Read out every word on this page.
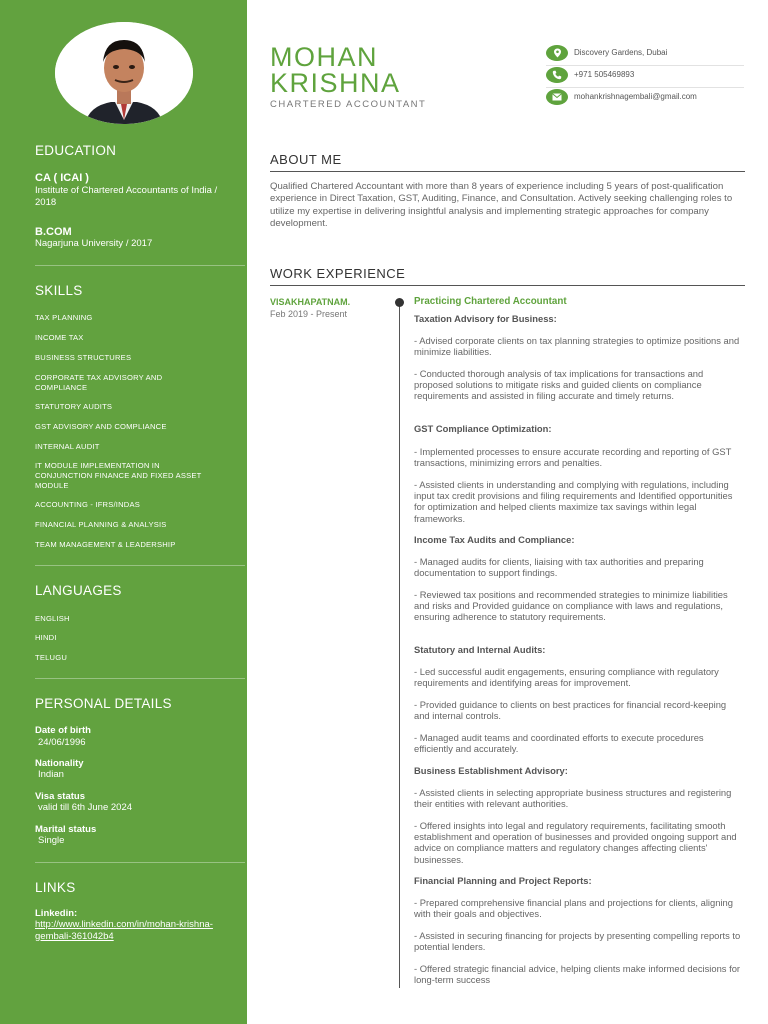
EDUCATION
CA ( ICAI )
Institute of Chartered Accountants of India / 2018
B.COM
Nagarjuna University / 2017
SKILLS
TAX PLANNING
INCOME TAX
BUSINESS STRUCTURES
CORPORATE TAX ADVISORY AND COMPLIANCE
STATUTORY AUDITS
GST ADVISORY AND COMPLIANCE
INTERNAL AUDIT
IT MODULE IMPLEMENTATION IN CONJUNCTION FINANCE AND FIXED ASSET MODULE
ACCOUNTING - IFRS/INDAS
FINANCIAL PLANNING & ANALYSIS
TEAM MANAGEMENT & LEADERSHIP
LANGUAGES
ENGLISH
HINDI
TELUGU
PERSONAL DETAILS
Date of birth
24/06/1996
Nationality
Indian
Visa status
valid till 6th June 2024
Marital status
Single
LINKS
Linkedin:
http://www.linkedin.com/in/mohan-krishna-gembali-361042b4
MOHAN
KRISHNA
CHARTERED ACCOUNTANT
Discovery Gardens, Dubai
+971 505469893
mohankrishnagembali@gmail.com
ABOUT ME
Qualified Chartered Accountant with more than 8 years of experience including 5 years of post-qualification experience in Direct Taxation, GST, Auditing, Finance, and Consultation. Actively seeking challenging roles to utilize my expertise in delivering insightful analysis and implementing strategic approaches for company development.
WORK EXPERIENCE
VISAKHAPATNAM.
Feb 2019 - Present
Practicing Chartered Accountant
Taxation Advisory for Business:
- Advised corporate clients on tax planning strategies to optimize positions and minimize liabilities.
- Conducted thorough analysis of tax implications for transactions and proposed solutions to mitigate risks and guided clients on compliance requirements and assisted in filing accurate and timely returns.
GST Compliance Optimization:
- Implemented processes to ensure accurate recording and reporting of GST transactions, minimizing errors and penalties.
- Assisted clients in understanding and complying with regulations, including input tax credit provisions and filing requirements and Identified opportunities for optimization and helped clients maximize tax savings within legal frameworks.
Income Tax Audits and Compliance:
- Managed audits for clients, liaising with tax authorities and preparing documentation to support findings.
- Reviewed tax positions and recommended strategies to minimize liabilities and risks and Provided guidance on compliance with laws and regulations, ensuring adherence to statutory requirements.
Statutory and Internal Audits:
- Led successful audit engagements, ensuring compliance with regulatory requirements and identifying areas for improvement.
- Provided guidance to clients on best practices for financial record-keeping and internal controls.
- Managed audit teams and coordinated efforts to execute procedures efficiently and accurately.
Business Establishment Advisory:
- Assisted clients in selecting appropriate business structures and registering their entities with relevant authorities.
- Offered insights into legal and regulatory requirements, facilitating smooth establishment and operation of businesses and provided ongoing support and advice on compliance matters and regulatory changes affecting clients' businesses.
Financial Planning and Project Reports:
- Prepared comprehensive financial plans and projections for clients, aligning with their goals and objectives.
- Assisted in securing financing for projects by presenting compelling reports to potential lenders.
- Offered strategic financial advice, helping clients make informed decisions for long-term success
